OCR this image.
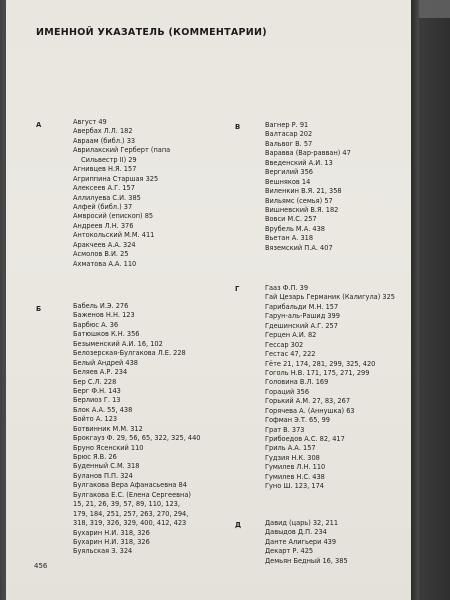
ИМЕННОЙ УКАЗАТЕЛЬ (КОММЕНТАРИИ)
А	Август 49
Авербах Л.Л. 182
Авраам (библ.) 33
Аврилакский Герберт (папа
Сильвестр II) 29
Агнивцев Н.Я. 157
Агриппина Старшая 325
Алексеев А.Г. 157
Аллилуева С.И. 385
Алфей (библ.) 37
Амвросий (епископ) 85
Андреев Л.Н. 376
Антокольский М.М. 411
Аракчеев А.А. 324
Асмолов В.И. 25
Ахматова А.А. 110
Б	Бабель И.Э. 276
Баженов Н.Н. 123
Барбюс А. 36
Батюшков К.Н. 356
Безыменский А.И. 16, 102
Белозерская-Булгакова Л.Е. 228
Белый Андрей 438
Беляев А.Р. 234
Бер С.Л. 228
Берг Ф.Н. 143
Берлиоз Г. 13
Блок А.А. 55, 438
Бойто А. 123
Ботвинник М.М. 312
Брокгауз Ф. 29, 56, 65, 322, 325, 440
Бруно Ясенский 110
Брюс Я.В. 26
Буденный С.М. 318
Буланов П.П. 324
Булгакова Вера Афанасьевна 84
Булгакова Е.С. (Елена Сергеевна)
15, 21, 26, 39, 57, 89, 110, 123,
179, 184, 251, 257, 263, 270, 294,
318, 319, 326, 329, 400, 412, 423
Бухарин Н.И. 318, 326
Бухарин Н.И. 318, 326
Буяльская З. 324
В	Вагнер Р. 91
Валтасар 202
Вальвог В. 57
Варавва (Вар-равван) 47
Введенский А.И. 13
Вергилий 356
Вешняков 14
Виленкин В.Я. 21, 358
Вильямс (семья) 57
Вишневский В.Я. 182
Вовси М.С. 257
Врубель М.А. 438
Вьетан А. 318
Вяземский П.А. 407
Г	Гааз Ф.П. 39
Гай Цезарь Германик (Калигула) 325
Гарибальди М.Н. 157
Гарун-аль-Рашид 399
Гдешинский А.Г. 257
Герцен А.И. 82
Гессар 302
Гестас 47, 222
Гёте 21, 174, 281, 299, 325, 420
Гоголь Н.В. 171, 175, 271, 299
Головина В.Л. 169
Гораций 356
Горький А.М. 27, 83, 267
Горячева А. (Аннушка) 63
Гофман Э.Т. 65, 99
Грат В. 373
Грибоедов А.С. 82, 417
Гриль А.А. 157
Гудзия Н.К. 308
Гумилев Л.Н. 110
Гумилев Н.С. 438
Гуно Ш. 123, 174
Д	Давид (царь) 32, 211
Давыдов Д.П. 234
Данте Алигьери 439
Декарт Р. 425
Демьян Бедный 16, 385
456
